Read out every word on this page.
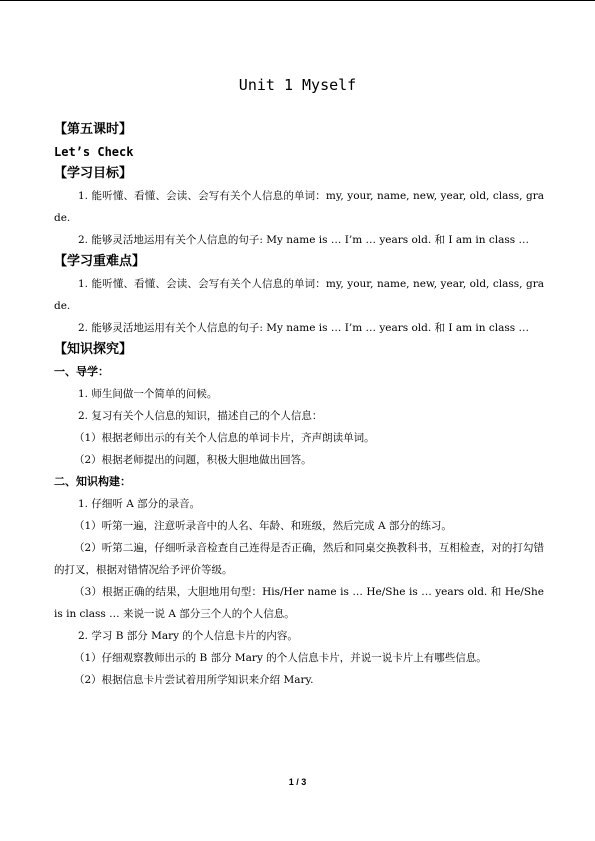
Unit 1 Myself
【第五课时】
Let’s Check
【学习目标】
1. 能听懂、看懂、会读、会写有关个人信息的单词：my, your, name, new, year, old, class, grade.
2. 能够灵活地运用有关个人信息的句子: My name is … I’m … years old. 和 I am in class …
【学习重难点】
1. 能听懂、看懂、会读、会写有关个人信息的单词：my, your, name, new, year, old, class, grade.
2. 能够灵活地运用有关个人信息的句子: My name is … I’m … years old. 和 I am in class …
【知识探究】
一、导学：
1. 师生间做一个简单的问候。
2. 复习有关个人信息的知识，描述自己的个人信息：
（1）根据老师出示的有关个人信息的单词卡片，齐声朗读单词。
（2）根据老师提出的问题，积极大胆地做出回答。
二、知识构建：
1. 仔细听 A 部分的录音。
（1）听第一遍，注意听录音中的人名、年龄、和班级，然后完成 A 部分的练习。
（2）听第二遍，仔细听录音检查自己连得是否正确，然后和同桌交换教科书，互相检查，对的打勾错的打叉，根据对错情况给予评价等级。
（3）根据正确的结果，大胆地用句型：His/Her name is … He/She is … years old. 和 He/She is in class … 来说一说 A 部分三个人的个人信息。
2. 学习 B 部分 Mary 的个人信息卡片的内容。
（1）仔细观察教师出示的 B 部分 Mary 的个人信息卡片，并说一说卡片上有哪些信息。
（2）根据信息卡片尝试着用所学知识来介绍 Mary.
1 / 3
